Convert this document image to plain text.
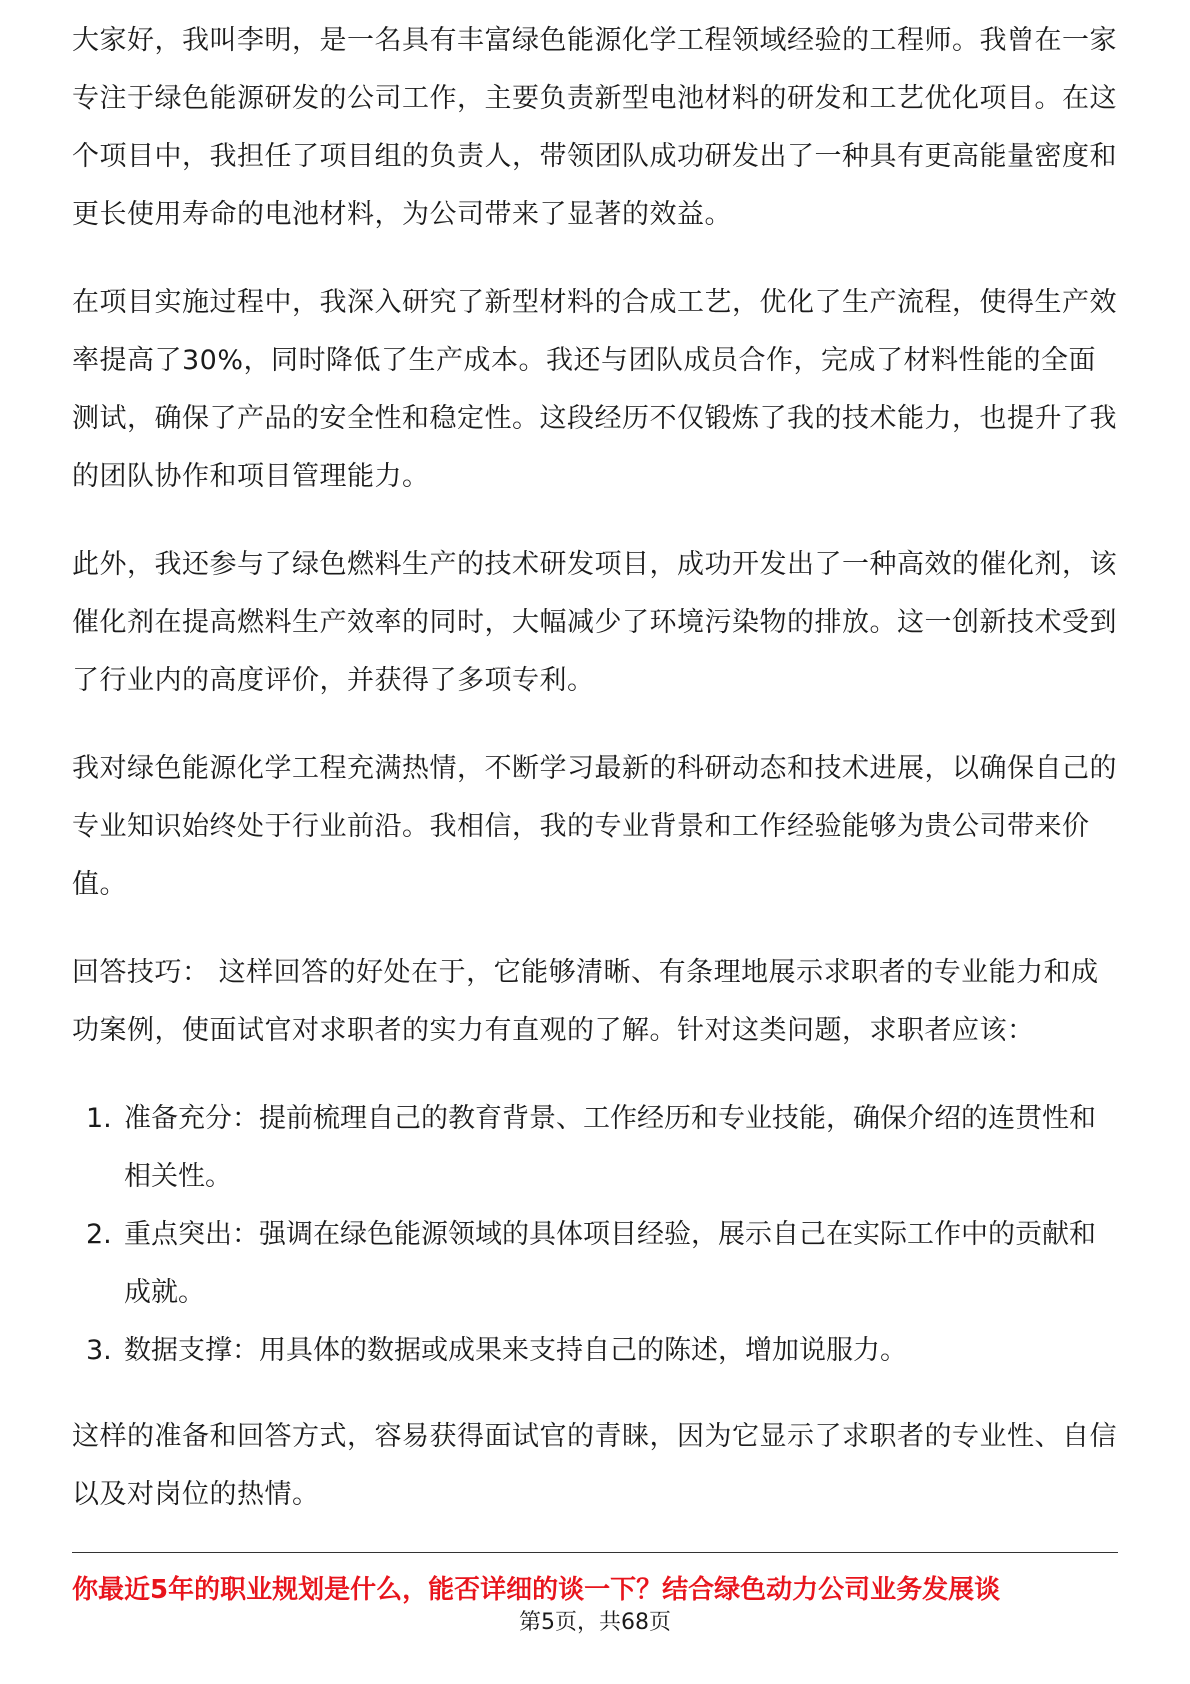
大家好，我叫李明，是一名具有丰富绿色能源化学工程领域经验的工程师。我曾在一家专注于绿色能源研发的公司工作，主要负责新型电池材料的研发和工艺优化项目。在这个项目中，我担任了项目组的负责人，带领团队成功研发出了一种具有更高能量密度和更长使用寿命的电池材料，为公司带来了显著的效益。

在项目实施过程中，我深入研究了新型材料的合成工艺，优化了生产流程，使得生产效率提高了30%，同时降低了生产成本。我还与团队成员合作，完成了材料性能的全面测试，确保了产品的安全性和稳定性。这段经历不仅锻炼了我的技术能力，也提升了我的团队协作和项目管理能力。

此外，我还参与了绿色燃料生产的技术研发项目，成功开发出了一种高效的催化剂，该催化剂在提高燃料生产效率的同时，大幅减少了环境污染物的排放。这一创新技术受到了行业内的高度评价，并获得了多项专利。

我对绿色能源化学工程充满热情，不断学习最新的科研动态和技术进展，以确保自己的专业知识始终处于行业前沿。我相信，我的专业背景和工作经验能够为贵公司带来价值。

回答技巧： 这样回答的好处在于，它能够清晰、有条理地展示求职者的专业能力和成功案例，使面试官对求职者的实力有直观的了解。针对这类问题，求职者应该：

1. 准备充分：提前梳理自己的教育背景、工作经历和专业技能，确保介绍的连贯性和相关性。
2. 重点突出：强调在绿色能源领域的具体项目经验，展示自己在实际工作中的贡献和成就。
3. 数据支撑：用具体的数据或成果来支持自己的陈述，增加说服力。

这样的准备和回答方式，容易获得面试官的青睐，因为它显示了求职者的专业性、自信以及对岗位的热情。

你最近5年的职业规划是什么，能否详细的谈一下？结合绿色动力公司业务发展谈
第5页，共68页
